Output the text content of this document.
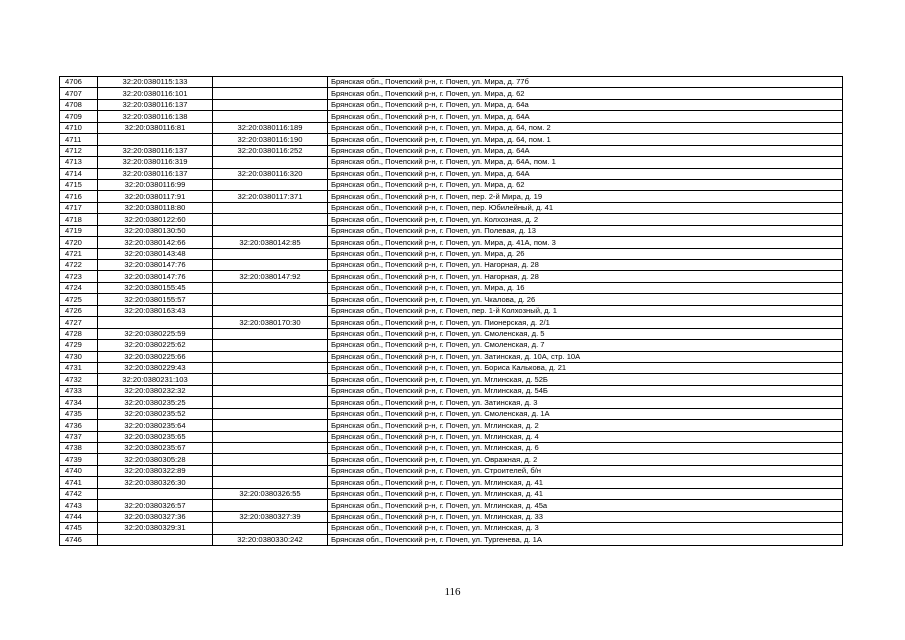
4706	32:20:0380115:133		Брянская обл., Почепский р-н, г. Почеп, ул. Мира, д. 77б
4707	32:20:0380116:101		Брянская обл., Почепский р-н, г. Почеп, ул. Мира, д. 62
4708	32:20:0380116:137		Брянская обл., Почепский р-н, г. Почеп, ул. Мира, д. 64а
4709	32:20:0380116:138		Брянская обл., Почепский р-н, г. Почеп, ул. Мира, д. 64А
4710	32:20:0380116:81	32:20:0380116:189	Брянская обл., Почепский р-н, г. Почеп, ул. Мира, д. 64, пом. 2
4711		32:20:0380116:190	Брянская обл., Почепский р-н, г. Почеп, ул. Мира, д. 64, пом. 1
4712	32:20:0380116:137	32:20:0380116:252	Брянская обл., Почепский р-н, г. Почеп, ул. Мира, д. 64А
4713	32:20:0380116:319		Брянская обл., Почепский р-н, г. Почеп, ул. Мира, д. 64А, пом. 1
4714	32:20:0380116:137	32:20:0380116:320	Брянская обл., Почепский р-н, г. Почеп, ул. Мира, д. 64А
4715	32:20:0380116:99		Брянская обл., Почепский р-н, г. Почеп, ул. Мира, д. 62
4716	32:20:0380117:91	32:20:0380117:371	Брянская обл., Почепский р-н, г. Почеп, пер. 2-й Мира, д. 19
4717	32:20:0380118:80		Брянская обл., Почепский р-н, г. Почеп, пер. Юбилейный, д. 41
4718	32:20:0380122:60		Брянская обл., Почепский р-н, г. Почеп, ул. Колхозная, д. 2
4719	32:20:0380130:50		Брянская обл., Почепский р-н, г. Почеп, ул. Полевая, д. 13
4720	32:20:0380142:66	32:20:0380142:85	Брянская обл., Почепский р-н, г. Почеп, ул. Мира, д. 41А, пом. 3
4721	32:20:0380143:48		Брянская обл., Почепский р-н, г. Почеп, ул. Мира, д. 26
4722	32:20:0380147:76		Брянская обл., Почепский р-н, г. Почеп, ул. Нагорная, д. 28
4723	32:20:0380147:76	32:20:0380147:92	Брянская обл., Почепский р-н, г. Почеп, ул. Нагорная, д. 28
4724	32:20:0380155:45		Брянская обл., Почепский р-н, г. Почеп, ул. Мира, д. 16
4725	32:20:0380155:57		Брянская обл., Почепский р-н, г. Почеп, ул. Чкалова, д. 26
4726	32:20:0380163:43		Брянская обл., Почепский р-н, г. Почеп, пер. 1-й Колхозный, д. 1
4727		32:20:0380170:30	Брянская обл., Почепский р-н, г. Почеп, ул. Пионерская, д. 2/1
4728	32:20:0380225:59		Брянская обл., Почепский р-н, г. Почеп, ул. Смоленская, д. 5
4729	32:20:0380225:62		Брянская обл., Почепский р-н, г. Почеп, ул. Смоленская, д. 7
4730	32:20:0380225:66		Брянская обл., Почепский р-н, г. Почеп, ул. Затинская, д. 10А, стр. 10А
4731	32:20:0380229:43		Брянская обл., Почепский р-н, г. Почеп, ул. Бориса Калькова, д. 21
4732	32:20:0380231:103		Брянская обл., Почепский р-н, г. Почеп, ул. Мглинская, д. 52Б
4733	32:20:0380232:32		Брянская обл., Почепский р-н, г. Почеп, ул. Мглинская, д. 54Б
4734	32:20:0380235:25		Брянская обл., Почепский р-н, г. Почеп, ул. Затинская, д. 3
4735	32:20:0380235:52		Брянская обл., Почепский р-н, г. Почеп, ул. Смоленская, д. 1А
4736	32:20:0380235:64		Брянская обл., Почепский р-н, г. Почеп, ул. Мглинская, д. 2
4737	32:20:0380235:65		Брянская обл., Почепский р-н, г. Почеп, ул. Мглинская, д. 4
4738	32:20:0380235:67		Брянская обл., Почепский р-н, г. Почеп, ул. Мглинская, д. 6
4739	32:20:0380305:28		Брянская обл., Почепский р-н, г. Почеп, ул. Овражная, д. 2
4740	32:20:0380322:89		Брянская обл., Почепский р-н, г. Почеп, ул. Строителей, б/н
4741	32:20:0380326:30		Брянская обл., Почепский р-н, г. Почеп, ул. Мглинская, д. 41
4742		32:20:0380326:55	Брянская обл., Почепский р-н, г. Почеп, ул. Мглинская, д. 41
4743	32:20:0380326:57		Брянская обл., Почепский р-н, г. Почеп, ул. Мглинская, д. 45а
4744	32:20:0380327:36	32:20:0380327:39	Брянская обл., Почепский р-н, г. Почеп, ул. Мглинская, д. 33
4745	32:20:0380329:31		Брянская обл., Почепский р-н, г. Почеп, ул. Мглинская, д. 3
4746		32:20:0380330:242	Брянская обл., Почепский р-н, г. Почеп, ул. Тургенева, д. 1А
116
